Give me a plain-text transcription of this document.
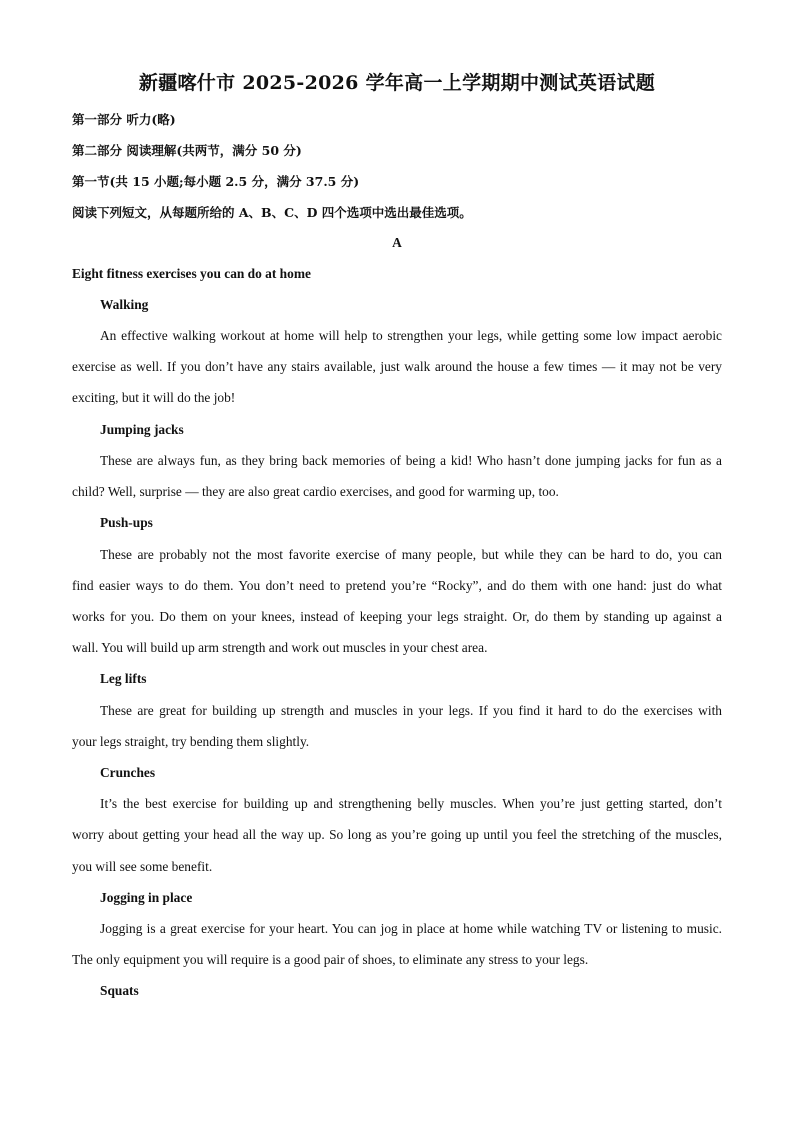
新疆喀什市 2025-2026 学年高一上学期期中测试英语试题
第一部分 听力(略)
第二部分 阅读理解(共两节，满分 50 分)
第一节(共 15 小题;每小题 2.5 分，满分 37.5 分)
阅读下列短文，从每题所给的 A、B、C、D 四个选项中选出最佳选项。
A
Eight fitness exercises you can do at home
Walking
An effective walking workout at home will help to strengthen your legs, while getting some low impact aerobic
exercise as well. If you don’t have any stairs available, just walk around the house a few times — it may not be very
exciting, but it will do the job!
Jumping jacks
These are always fun, as they bring back memories of being a kid! Who hasn’t done jumping jacks for fun as a
child? Well, surprise — they are also great cardio exercises, and good for warming up, too.
Push-ups
These are probably not the most favorite exercise of many people, but while they can be hard to do, you can
find easier ways to do them. You don’t need to pretend you’re “Rocky”, and do them with one hand: just do what
works for you. Do them on your knees, instead of keeping your legs straight. Or, do them by standing up against a
wall. You will build up arm strength and work out muscles in your chest area.
Leg lifts
These are great for building up strength and muscles in your legs. If you find it hard to do the exercises with
your legs straight, try bending them slightly.
Crunches
It’s the best exercise for building up and strengthening belly muscles. When you’re just getting started, don’t
worry about getting your head all the way up. So long as you’re going up until you feel the stretching of the muscles,
you will see some benefit.
Jogging in place
Jogging is a great exercise for your heart. You can jog in place at home while watching TV or listening to music.
The only equipment you will require is a good pair of shoes, to eliminate any stress to your legs.
Squats
